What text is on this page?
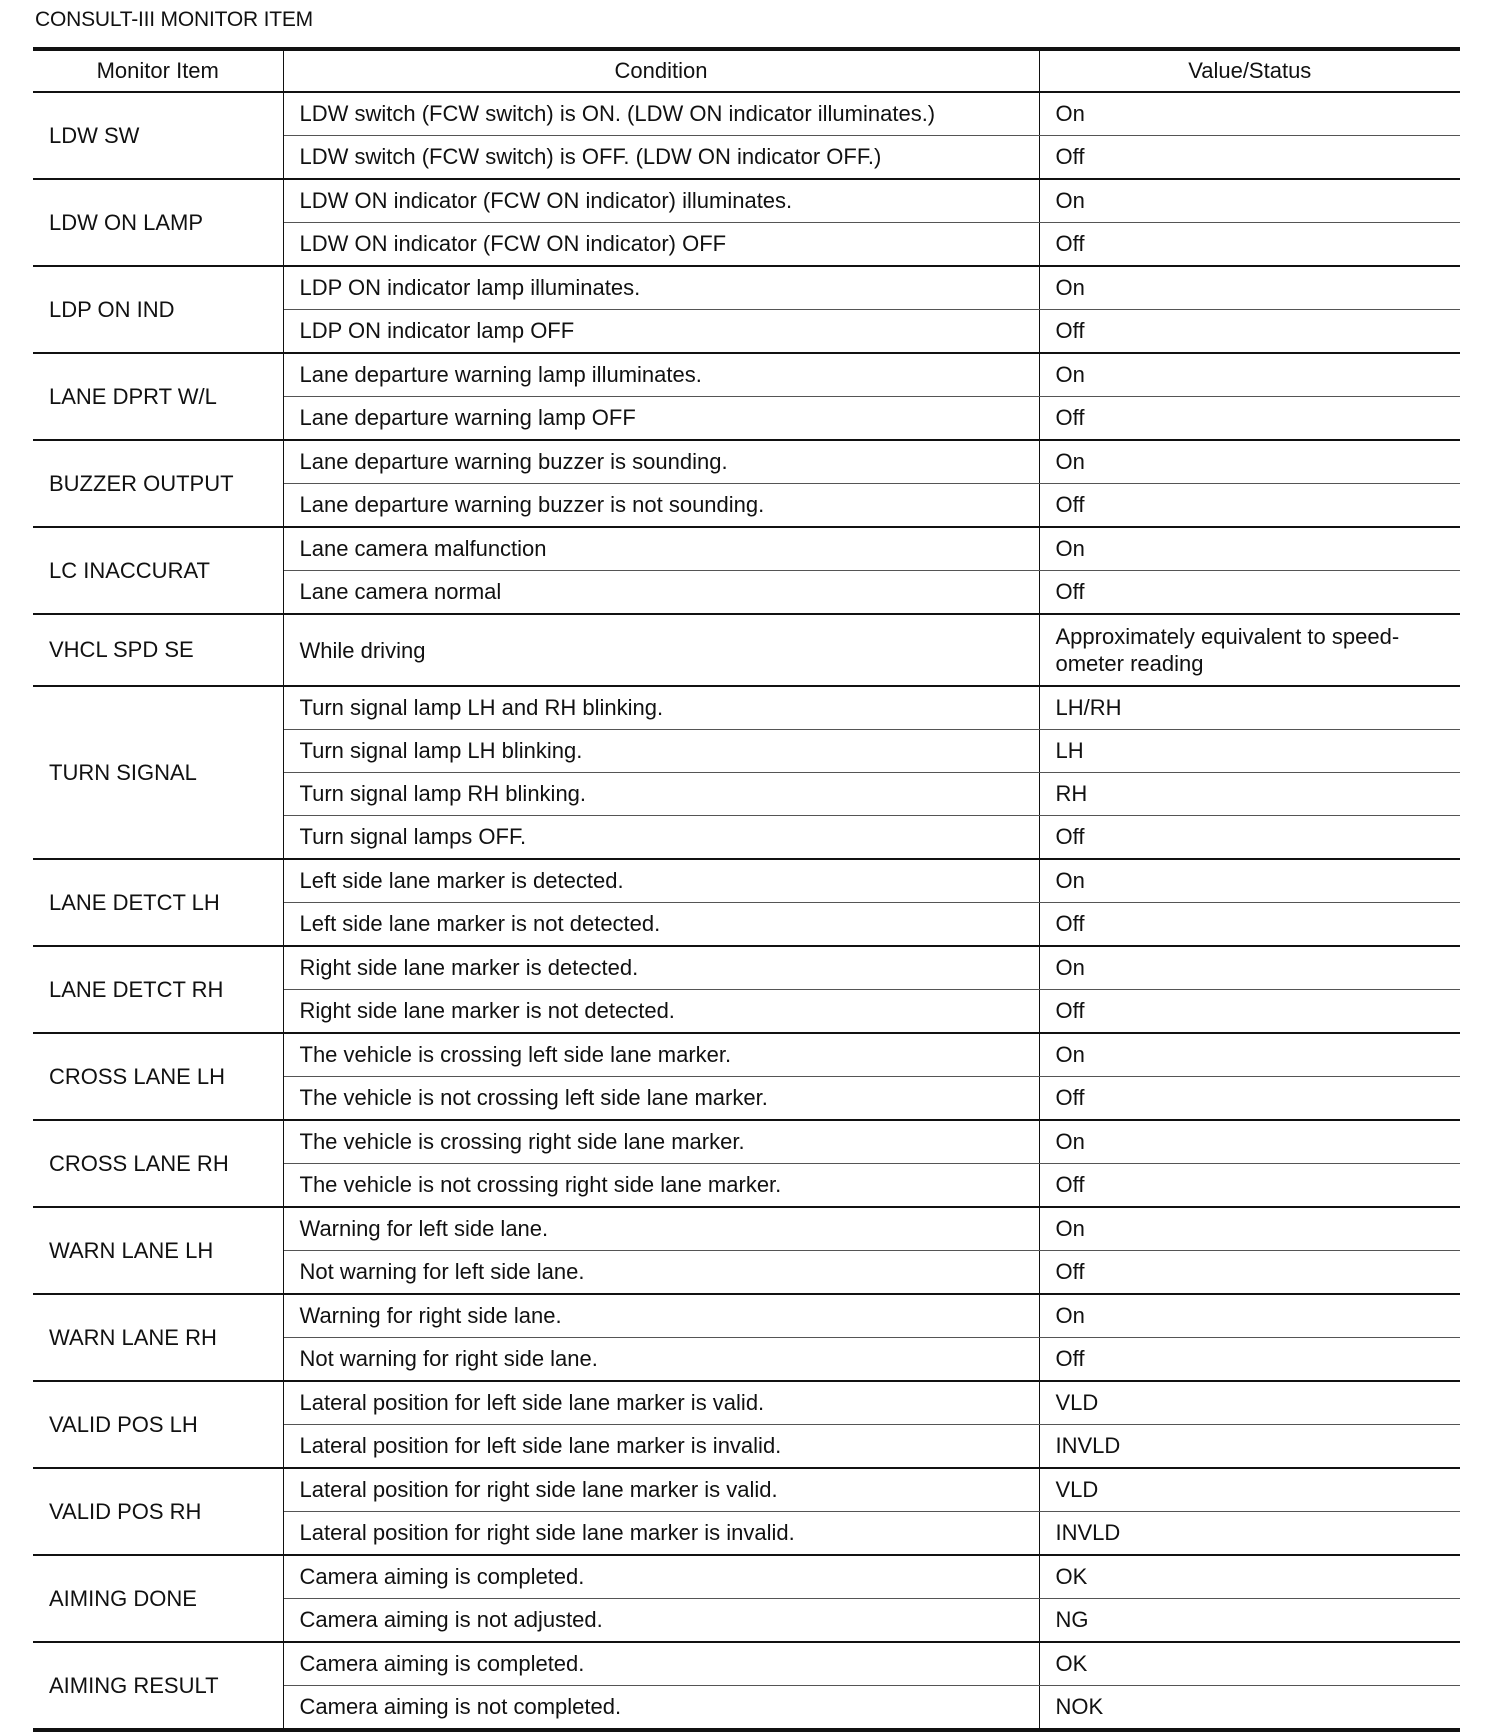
CONSULT-III MONITOR ITEM
Monitor Item	Condition	Value/Status
LDW SW	LDW switch (FCW switch) is ON. (LDW ON indicator illuminates.)	On
	LDW switch (FCW switch) is OFF. (LDW ON indicator OFF.)	Off
LDW ON LAMP	LDW ON indicator (FCW ON indicator) illuminates.	On
	LDW ON indicator (FCW ON indicator) OFF	Off
LDP ON IND	LDP ON indicator lamp illuminates.	On
	LDP ON indicator lamp OFF	Off
LANE DPRT W/L	Lane departure warning lamp illuminates.	On
	Lane departure warning lamp OFF	Off
BUZZER OUTPUT	Lane departure warning buzzer is sounding.	On
	Lane departure warning buzzer is not sounding.	Off
LC INACCURAT	Lane camera malfunction	On
	Lane camera normal	Off
VHCL SPD SE	While driving	Approximately equivalent to speed-ometer reading
TURN SIGNAL	Turn signal lamp LH and RH blinking.	LH/RH
	Turn signal lamp LH blinking.	LH
	Turn signal lamp RH blinking.	RH
	Turn signal lamps OFF.	Off
LANE DETCT LH	Left side lane marker is detected.	On
	Left side lane marker is not detected.	Off
LANE DETCT RH	Right side lane marker is detected.	On
	Right side lane marker is not detected.	Off
CROSS LANE LH	The vehicle is crossing left side lane marker.	On
	The vehicle is not crossing left side lane marker.	Off
CROSS LANE RH	The vehicle is crossing right side lane marker.	On
	The vehicle is not crossing right side lane marker.	Off
WARN LANE LH	Warning for left side lane.	On
	Not warning for left side lane.	Off
WARN LANE RH	Warning for right side lane.	On
	Not warning for right side lane.	Off
VALID POS LH	Lateral position for left side lane marker is valid.	VLD
	Lateral position for left side lane marker is invalid.	INVLD
VALID POS RH	Lateral position for right side lane marker is valid.	VLD
	Lateral position for right side lane marker is invalid.	INVLD
AIMING DONE	Camera aiming is completed.	OK
	Camera aiming is not adjusted.	NG
AIMING RESULT	Camera aiming is completed.	OK
	Camera aiming is not completed.	NOK
